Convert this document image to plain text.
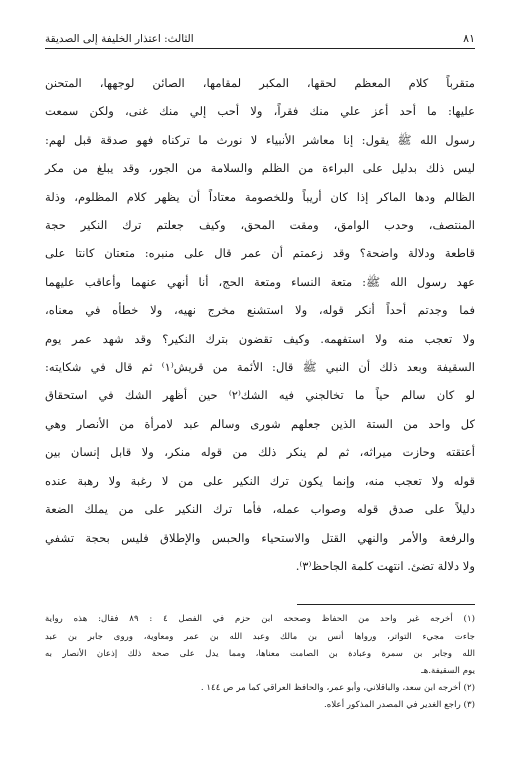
٨١
الثالث: اعتذار الخليفة إلى الصديقة
متقرباً كلام المعظم لحقها، المكبر لمقامها، الصائن لوجهها، المتحنن
عليها: ما أحد أعز علي منك فقراً، ولا أحب إلي منك غنى، ولكن سمعت
رسول الله ﷺ يقول: إنا معاشر الأنبياء لا نورث ما تركناه فهو صدقة قبل لهم:
ليس ذلك بدليل على البراءة من الظلم والسلامة من الجور، وقد يبلغ من مكر
الظالم ودها الماكر إذا كان أريباً وللخصومة معتاداً أن يظهر كلام المظلوم، وذلة
المنتصف، وحدب الوامق، ومقت المحق، وكيف جعلتم ترك النكير حجة
قاطعة ودلالة واضحة؟ وقد زعمتم أن عمر قال على منبره: متعتان كانتا على
عهد رسول الله ﷺ: متعة النساء ومتعة الحج، أنا أنهي عنهما وأعاقب عليهما
فما وجدتم أحداً أنكر قوله، ولا استشنع مخرج نهيه، ولا خطأه في معناه،
ولا تعجب منه ولا استفهمه. وكيف تقضون بترك النكير؟ وقد شهد عمر يوم
السقيفة وبعد ذلك أن النبي ﷺ قال: الأئمة من قريش⁽١⁾ ثم قال في شكايته:
لو كان سالم حياً ما تخالجني فيه الشك⁽٢⁾ حين أظهر الشك في استحقاق
كل واحد من الستة الذين جعلهم شورى وسالم عبد لامرأة من الأنصار وهي
أعتقته وحازت ميراثه، ثم لم ينكر ذلك من قوله منكر، ولا قابل إنسان بين
قوله ولا تعجب منه، وإنما يكون ترك النكير على من لا رغبة ولا رهبة عنده
دليلاً على صدق قوله وصواب عمله، فأما ترك النكير على من يملك الضعة
والرفعة والأمر والنهي القتل والاستحياء والحبس والإطلاق فليس بحجة تشفي
ولا دلالة تضئ. انتهت كلمة الجاحظ⁽٣⁾.
(١) أخرجه غير واحد من الحفاظ وصححه ابن حزم في الفصل ٤ : ٨٩ فقال: هذه رواية
جاءت مجيء التواتر، ورواها أنس بن مالك وعبد الله بن عمر ومعاوية، وروى جابر بن عبد
الله وجابر بن سمرة وعبادة بن الصامت معناها، ومما يدل على صحة ذلك إذعان الأنصار به
يوم السقيفة.هـ
(٢) أخرجه ابن سعد، والباقلاني، وأبو عمر، والحافظ العراقي كما مر ص ١٤٤ .
(٣) راجع الغدير في المصدر المذكور أعلاه.
